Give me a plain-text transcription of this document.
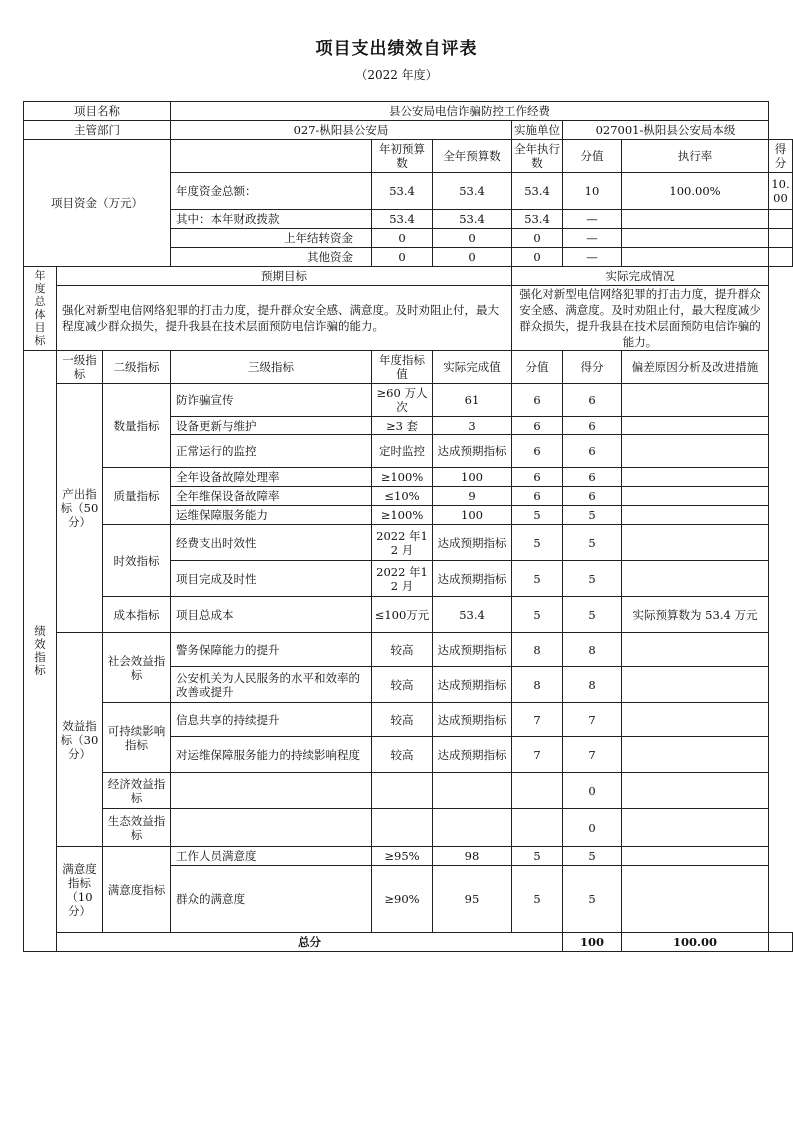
项目支出绩效自评表
（2022 年度）
项目名称			县公安局电信诈骗防控工作经费						
主管部门			027-枞阳县公安局			实施单位	027001-枞阳县公安局本级		
项目资金（万元）				年初预算数	全年预算数	全年执行数	分值	执行率	得分
			年度资金总额：	53.4	53.4	53.4	10	100.00%	10.00
			其中：本年财政拨款	53.4	53.4	53.4	—		
			上年结转资金	0	0	0	—		
			其他资金	0	0	0	—		
年度总体目标	预期目标					实际完成情况			
	强化对新型电信网络犯罪的打击力度，提升群众安全感、满意度。及时劝阻止付，最大程度减少群众损失，提升我县在技术层面预防电信诈骗的能力。					强化对新型电信网络犯罪的打击力度，提升群众安全感、满意度。及时劝阻止付，最大程度减少群众损失，提升我县在技术层面预防电信诈骗的能力。			
绩效指标	一级指标	二级指标	三级指标	年度指标值	实际完成值	分值	得分	偏差原因分析及改进措施	
	产出指标（50分）	数量指标	防诈骗宣传	≥60 万人次	61	6	6		
			设备更新与维护	≥3 套	3	6	6		
			正常运行的监控	定时监控	达成预期指标	6	6		
		质量指标	全年设备故障处理率	≥100%	100	6	6		
			全年维保设备故障率	≤10%	9	6	6		
			运维保障服务能力	≥100%	100	5	5		
		时效指标	经费支出时效性	2022 年12 月	达成预期指标	5	5		
			项目完成及时性	2022 年12 月	达成预期指标	5	5		
		成本指标	项目总成本	≤100万元	53.4	5	5	实际预算数为 53.4 万元	
	效益指标（30分）	社会效益指标	警务保障能力的提升	较高	达成预期指标	8	8		
			公安机关为人民服务的水平和效率的改善或提升	较高	达成预期指标	8	8		
		可持续影响指标	信息共享的持续提升	较高	达成预期指标	7	7		
			对运维保障服务能力的持续影响程度	较高	达成预期指标	7	7		
		经济效益指标					0		
		生态效益指标					0		
	满意度指标（10分）	满意度指标	工作人员满意度	≥95%	98	5	5		
			群众的满意度	≥90%	95	5	5		
	总分						100	100.00	
